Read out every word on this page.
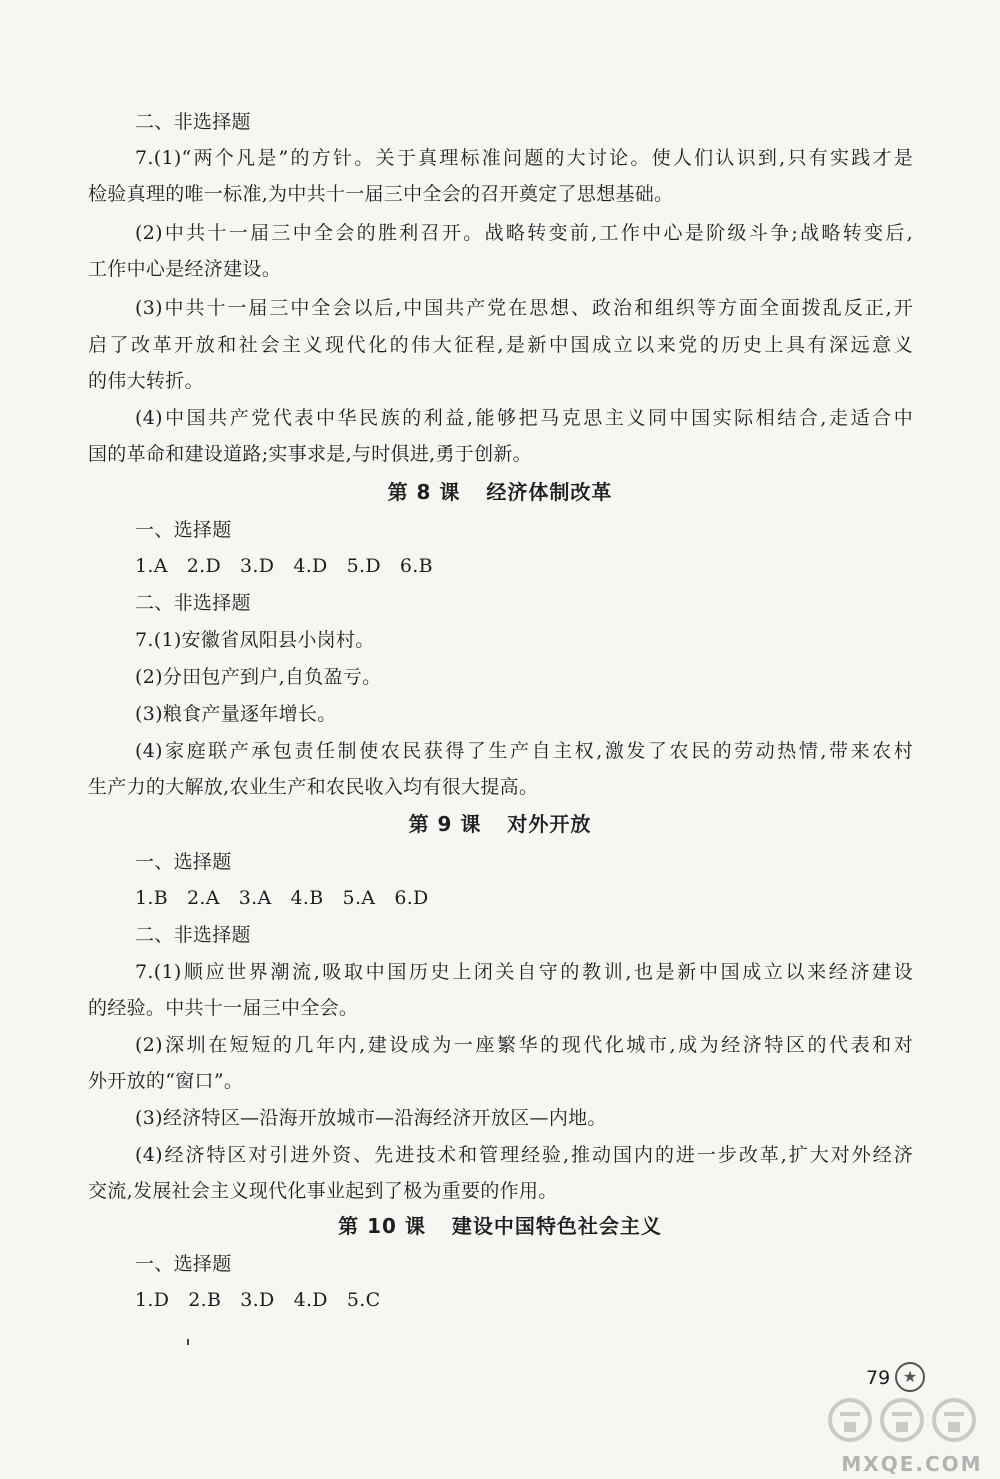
二、非选择题
7.(1)“两个凡是”的方针。关于真理标准问题的大讨论。使人们认识到,只有实践才是
检验真理的唯一标准,为中共十一届三中全会的召开奠定了思想基础。
(2)中共十一届三中全会的胜利召开。战略转变前,工作中心是阶级斗争;战略转变后,
工作中心是经济建设。
(3)中共十一届三中全会以后,中国共产党在思想、政治和组织等方面全面拨乱反正,开
启了改革开放和社会主义现代化的伟大征程,是新中国成立以来党的历史上具有深远意义
的伟大转折。
(4)中国共产党代表中华民族的利益,能够把马克思主义同中国实际相结合,走适合中
国的革命和建设道路;实事求是,与时俱进,勇于创新。
第 8 课 经济体制改革
一、选择题
1.A   2.D   3.D   4.D   5.D   6.B
二、非选择题
7.(1)安徽省凤阳县小岗村。
(2)分田包产到户,自负盈亏。
(3)粮食产量逐年增长。
(4)家庭联产承包责任制使农民获得了生产自主权,激发了农民的劳动热情,带来农村
生产力的大解放,农业生产和农民收入均有很大提高。
第 9 课 对外开放
一、选择题
1.B   2.A   3.A   4.B   5.A   6.D
二、非选择题
7.(1)顺应世界潮流,吸取中国历史上闭关自守的教训,也是新中国成立以来经济建设
的经验。中共十一届三中全会。
(2)深圳在短短的几年内,建设成为一座繁华的现代化城市,成为经济特区的代表和对
外开放的“窗口”。
(3)经济特区—沿海开放城市—沿海经济开放区—内地。
(4)经济特区对引进外资、先进技术和管理经验,推动国内的进一步改革,扩大对外经济
交流,发展社会主义现代化事业起到了极为重要的作用。
第 10 课 建设中国特色社会主义
一、选择题
1.D   2.B   3.D   4.D   5.C
79 ★
MXQE.COM
